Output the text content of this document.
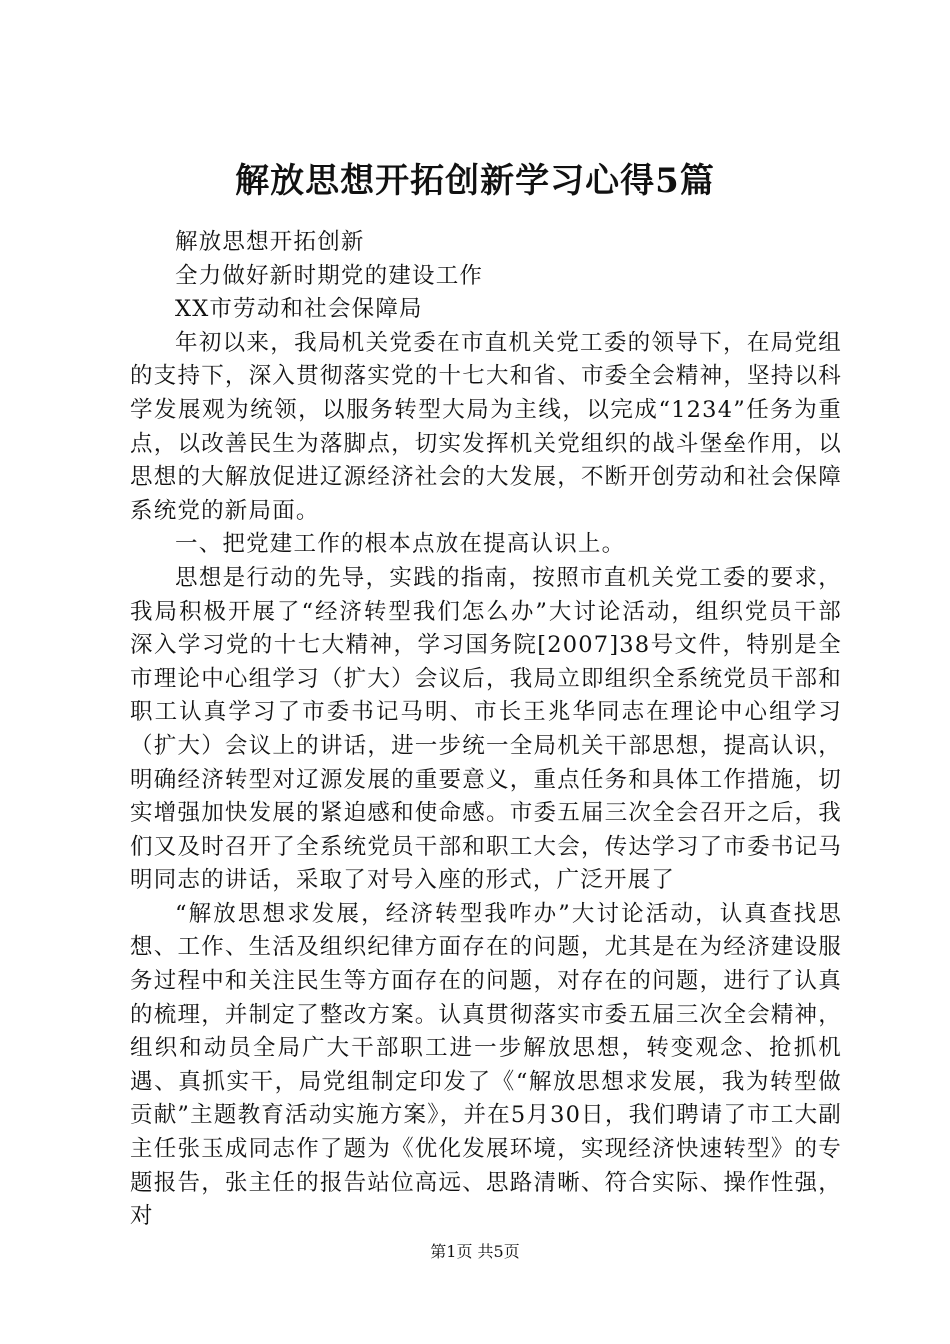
解放思想开拓创新学习心得5篇

解放思想开拓创新

全力做好新时期党的建设工作

XX市劳动和社会保障局

年初以来，我局机关党委在市直机关党工委的领导下，在局党组的支持下，深入贯彻落实党的十七大和省、市委全会精神，坚持以科学发展观为统领，以服务转型大局为主线，以完成“1234”任务为重点，以改善民生为落脚点，切实发挥机关党组织的战斗堡垒作用，以思想的大解放促进辽源经济社会的大发展，不断开创劳动和社会保障系统党的新局面。

一、把党建工作的根本点放在提高认识上。

思想是行动的先导，实践的指南，按照市直机关党工委的要求，我局积极开展了“经济转型我们怎么办”大讨论活动，组织党员干部深入学习党的十七大精神，学习国务院[2007]38号文件，特别是全市理论中心组学习（扩大）会议后，我局立即组织全系统党员干部和职工认真学习了市委书记马明、市长王兆华同志在理论中心组学习（扩大）会议上的讲话，进一步统一全局机关干部思想，提高认识，明确经济转型对辽源发展的重要意义，重点任务和具体工作措施，切实增强加快发展的紧迫感和使命感。市委五届三次全会召开之后，我们又及时召开了全系统党员干部和职工大会，传达学习了市委书记马明同志的讲话，采取了对号入座的形式，广泛开展了

“解放思想求发展，经济转型我咋办”大讨论活动，认真查找思想、工作、生活及组织纪律方面存在的问题，尤其是在为经济建设服务过程中和关注民生等方面存在的问题，对存在的问题，进行了认真的梳理，并制定了整改方案。认真贯彻落实市委五届三次全会精神，组织和动员全局广大干部职工进一步解放思想，转变观念、抢抓机遇、真抓实干，局党组制定印发了《“解放思想求发展，我为转型做贡献”主题教育活动实施方案》，并在5月30日，我们聘请了市工大副主任张玉成同志作了题为《优化发展环境，实现经济快速转型》的专题报告，张主任的报告站位高远、思路清晰、符合实际、操作性强，对

第1页 共5页
